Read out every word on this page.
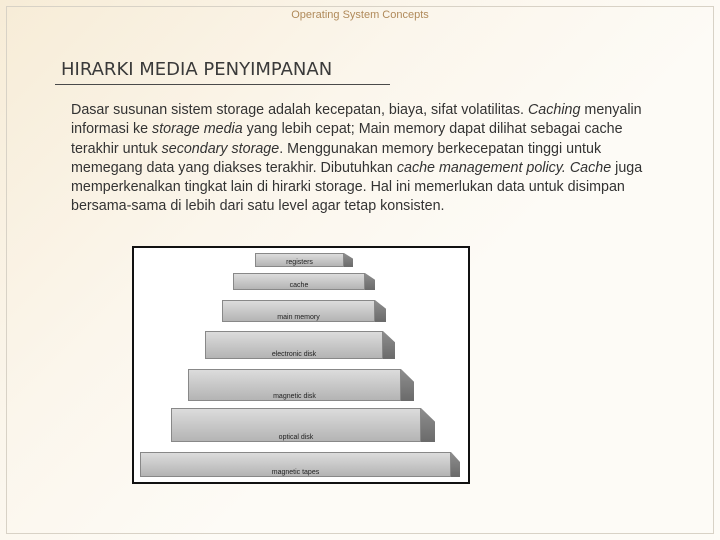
Operating System Concepts
HIRARKI MEDIA PENYIMPANAN

Dasar susunan sistem storage adalah kecepatan, biaya, sifat volatilitas. Caching menyalin informasi ke storage media yang lebih cepat; Main memory dapat dilihat sebagai cache terakhir untuk secondary storage. Menggunakan memory berkecepatan tinggi untuk memegang data yang diakses terakhir. Dibutuhkan cache management policy. Cache juga memperkenalkan tingkat lain di hirarki storage. Hal ini memerlukan data untuk disimpan bersama-sama di lebih dari satu level agar tetap konsisten.

registers
cache
main memory
electronic disk
magnetic disk
optical disk
magnetic tapes
